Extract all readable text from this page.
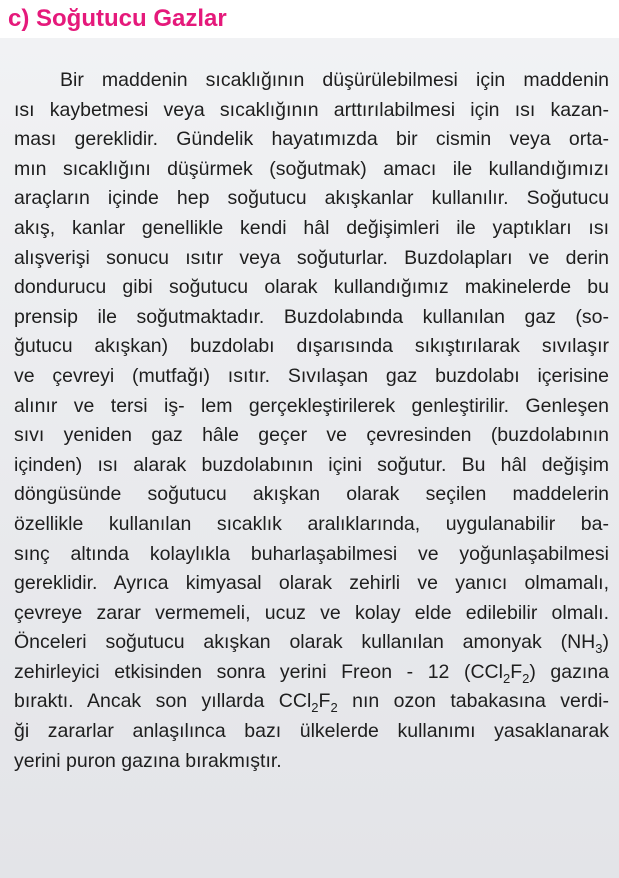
c) Soğutucu Gazlar

Bir maddenin sıcaklığının düşürülebilmesi için maddenin
ısı kaybetmesi veya sıcaklığının arttırılabilmesi için ısı kazan-
ması gereklidir. Gündelik hayatımızda bir cismin veya orta-
mın sıcaklığını düşürmek (soğutmak) amacı ile kullandığımızı
araçların içinde hep soğutucu akışkanlar kullanılır. Soğutucu
akış, kanlar genellikle kendi hâl değişimleri ile yaptıkları ısı
alışverişi sonucu ısıtır veya soğuturlar. Buzdolapları ve derin
dondurucu gibi soğutucu olarak kullandığımız makinelerde bu
prensip ile soğutmaktadır. Buzdolabında kullanılan gaz (so-
ğutucu akışkan) buzdolabı dışarısında sıkıştırılarak sıvılaşır
ve çevreyi (mutfağı) ısıtır. Sıvılaşan gaz buzdolabı içerisine
alınır ve tersi iş- lem gerçekleştirilerek genleştirilir. Genleşen
sıvı yeniden gaz hâle geçer ve çevresinden (buzdolabının
içinden) ısı alarak buzdolabının içini soğutur. Bu hâl değişim
döngüsünde soğutucu akışkan olarak seçilen maddelerin
özellikle kullanılan sıcaklık aralıklarında, uygulanabilir ba-
sınç altında kolaylıkla buharlaşabilmesi ve yoğunlaşabilmesi
gereklidir. Ayrıca kimyasal olarak zehirli ve yanıcı olmamalı,
çevreye zarar vermemeli, ucuz ve kolay elde edilebilir olmalı.
Önceleri soğutucu akışkan olarak kullanılan amonyak $(NH_3)$
zehirleyici etkisinden sonra yerini Freon - 12 $(CCl_2F_2)$ gazına
bıraktı. Ancak son yıllarda $CCl_2F_2$ nın ozon tabakasına verdi-
ği zararlar anlaşılınca bazı ülkelerde kullanımı yasaklanarak
yerini puron gazına bırakmıştır.
